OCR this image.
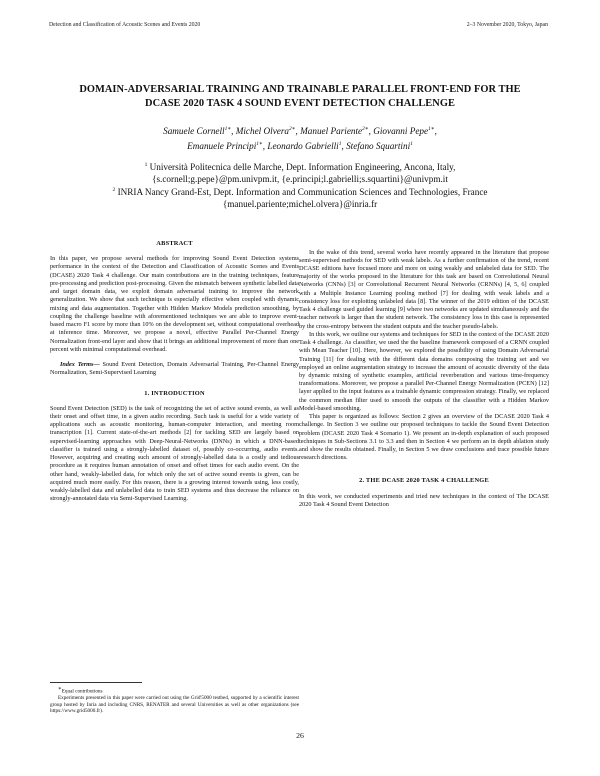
Detection and Classification of Acoustic Scenes and Events 2020	2–3 November 2020, Tokyo, Japan
DOMAIN-ADVERSARIAL TRAINING AND TRAINABLE PARALLEL FRONT-END FOR THE
DCASE 2020 TASK 4 SOUND EVENT DETECTION CHALLENGE
Samuele Cornell$^{1∗}$, Michel Olvera$^{2∗}$, Manuel Pariente$^{2∗}$, Giovanni Pepe$^{1∗}$,
Emanuele Principi$^{1∗}$, Leonardo Gabrielli$^1$, Stefano Squartini$^1$
$^1$ Università Politecnica delle Marche, Dept. Information Engineering, Ancona, Italy,
{s.cornell;g.pepe}@pm.univpm.it, {e.principi;l.gabrielli;s.squartini}@univpm.it
$^2$ INRIA Nancy Grand-Est, Dept. Information and Communication Sciences and Technologies, France
{manuel.pariente;michel.olvera}@inria.fr
ABSTRACT

In this paper, we propose several methods for improving Sound Event Detection systems performance in the context of the Detection and Classification of Acoustic Scenes and Events (DCASE) 2020 Task 4 challenge. Our main contributions are in the training techniques, feature pre-processing and prediction post-processing. Given the mismatch between synthetic labelled data and target domain data, we exploit domain adversarial training to improve the network generalization. We show that such technique is especially effective when coupled with dynamic mixing and data augmentation. Together with Hidden Markov Models prediction smoothing, by coupling the challenge baseline with aforementioned techniques we are able to improve event-based macro F1 score by more than 10% on the development set, without computational overhead at inference time. Moreover, we propose a novel, effective Parallel Per-Channel Energy Normalization front-end layer and show that it brings an additional improvement of more than one percent with minimal computational overhead.

Index Terms— Sound Event Detection, Domain Adversarial Training, Per-Channel Energy Normalization, Semi-Supervised Learning

1. INTRODUCTION

Sound Event Detection (SED) is the task of recognizing the set of active sound events, as well as their onset and offset time, in a given audio recording. Such task is useful for a wide variety of applications such as acoustic monitoring, human-computer interaction, and meeting room transcription [1]. Current state-of-the-art methods [2] for tackling SED are largely based on supervised-learning approaches with Deep-Neural-Networks (DNNs) in which a DNN-based classifier is trained using a strongly-labelled dataset of, possibly co-occurring, audio events. However, acquiring and creating such amount of strongly-labelled data is a costly and tedious procedure as it requires human annotation of onset and offset times for each audio event. On the other hand, weakly-labelled data, for which only the set of active sound events is given, can be acquired much more easily. For this reason, there is a growing interest towards using, less costly, weakly-labelled data and unlabelled data to train SED systems and thus decrease the reliance on strongly-annotated data via Semi-Supervised Learning.

∗Equal contributions
Experiments presented in this paper were carried out using the Grid'5000 testbed, supported by a scientific interest group hosted by Inria and including CNRS, RENATER and several Universities as well as other organizations (see https://www.grid5000.fr).

In the wake of this trend, several works have recently appeared in the literature that propose semi-supervised methods for SED with weak labels. As a further confirmation of the trend, recent DCASE editions have focused more and more on using weakly and unlabeled data for SED. The majority of the works proposed in the literature for this task are based on Convolutional Neural Networks (CNNs) [3] or Convolutional Recurrent Neural Networks (CRNNs) [4, 5, 6] coupled with a Multiple Instance Learning pooling method [7] for dealing with weak labels and a consistency loss for exploiting unlabeled data [8]. The winner of the 2019 edition of the DCASE Task 4 challenge used guided learning [9] where two networks are updated simultaneously and the teacher network is larger than the student network. The consistency loss in this case is represented by the cross-entropy between the student outputs and the teacher pseudo-labels.

In this work, we outline our systems and techniques for SED in the context of the DCASE 2020 Task 4 challenge. As classifier, we used the the baseline framework composed of a CRNN coupled with Mean Teacher [10]. Here, however, we explored the possibility of using Domain Adversarial Training [11] for dealing with the different data domains composing the training set and we employed an online augmentation strategy to increase the amount of acoustic diversity of the data by dynamic mixing of synthetic examples, artificial reverberation and various time-frequency transformations. Moreover, we propose a parallel Per-Channel Energy Normalization (PCEN) [12] layer applied to the input features as a trainable dynamic compression strategy. Finally, we replaced the common median filter used to smooth the outputs of the classifier with a Hidden Markov Model-based smoothing.

This paper is organized as follows: Section 2 gives an overview of the DCASE 2020 Task 4 challenge. In Section 3 we outline our proposed techniques to tackle the Sound Event Detection problem (DCASE 2020 Task 4 Scenario 1). We present an in-depth explanation of such proposed techniques in Sub-Sections 3.1 to 3.3 and then in Section 4 we perform an in depth ablation study and show the results obtained. Finally, in Section 5 we draw conclusions and trace possible future research directions.

2. THE DCASE 2020 TASK 4 CHALLENGE

In this work, we conducted experiments and tried new techniques in the context of The DCASE 2020 Task 4 Sound Event Detection

26
